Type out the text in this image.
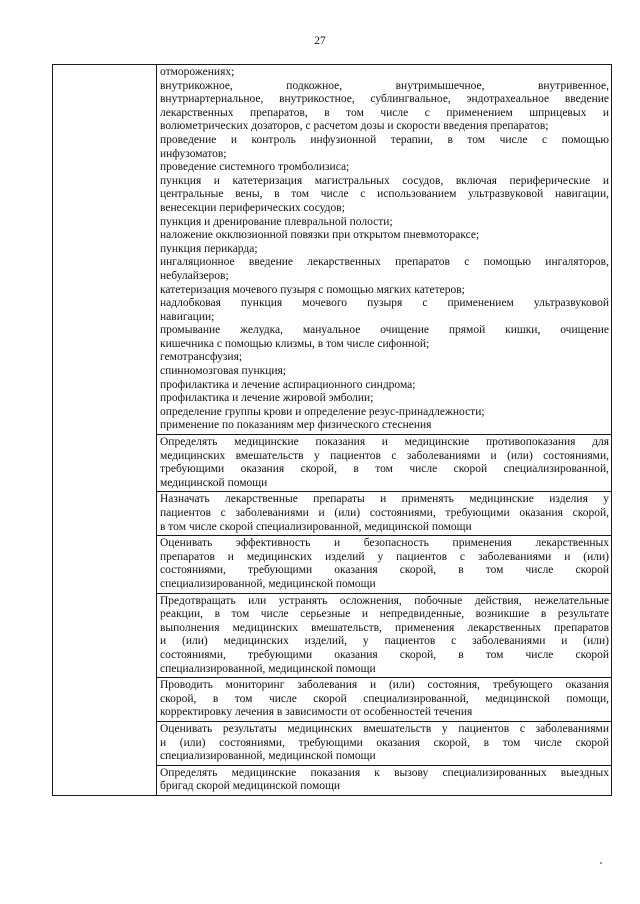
27

отморожениях;
внутрикожное, подкожное, внутримышечное, внутривенное,
внутриартериальное, внутрикостное, сублингвальное, эндотрахеальное введение
лекарственных препаратов, в том числе с применением шприцевых и
волюметрических дозаторов, с расчетом дозы и скорости введения препаратов;
проведение и контроль инфузионной терапии, в том числе с помощью
инфузоматов;
проведение системного тромболизиса;
пункция и катетеризация магистральных сосудов, включая периферические и
центральные вены, в том числе с использованием ультразвуковой навигации,
венесекции периферических сосудов;
пункция и дренирование плевральной полости;
наложение окклюзионной повязки при открытом пневмотораксе;
пункция перикарда;
ингаляционное введение лекарственных препаратов с помощью ингаляторов,
небулайзеров;
катетеризация мочевого пузыря с помощью мягких катетеров;
надлобковая пункция мочевого пузыря с применением ультразвуковой
навигации;
промывание желудка, мануальное очищение прямой кишки, очищение
кишечника с помощью клизмы, в том числе сифонной;
гемотрансфузия;
спинномозговая пункция;
профилактика и лечение аспирационного синдрома;
профилактика и лечение жировой эмболии;
определение группы крови и определение резус-принадлежности;
применение по показаниям мер физического стеснения

Определять медицинские показания и медицинские противопоказания для
медицинских вмешательств у пациентов с заболеваниями и (или) состояниями,
требующими оказания скорой, в том числе скорой специализированной,
медицинской помощи

Назначать лекарственные препараты и применять медицинские изделия у
пациентов с заболеваниями и (или) состояниями, требующими оказания скорой,
в том числе скорой специализированной, медицинской помощи

Оценивать эффективность и безопасность применения лекарственных
препаратов и медицинских изделий у пациентов с заболеваниями и (или)
состояниями, требующими оказания скорой, в том числе скорой
специализированной, медицинской помощи

Предотвращать или устранять осложнения, побочные действия, нежелательные
реакции, в том числе серьезные и непредвиденные, возникшие в результате
выполнения медицинских вмешательств, применения лекарственных препаратов
и (или) медицинских изделий, у пациентов с заболеваниями и (или)
состояниями, требующими оказания скорой, в том числе скорой
специализированной, медицинской помощи

Проводить мониторинг заболевания и (или) состояния, требующего оказания
скорой, в том числе скорой специализированной, медицинской помощи,
корректировку лечения в зависимости от особенностей течения

Оценивать результаты медицинских вмешательств у пациентов с заболеваниями
и (или) состояниями, требующими оказания скорой, в том числе скорой
специализированной, медицинской помощи

Определять медицинские показания к вызову специализированных выездных
бригад скорой медицинской помощи
